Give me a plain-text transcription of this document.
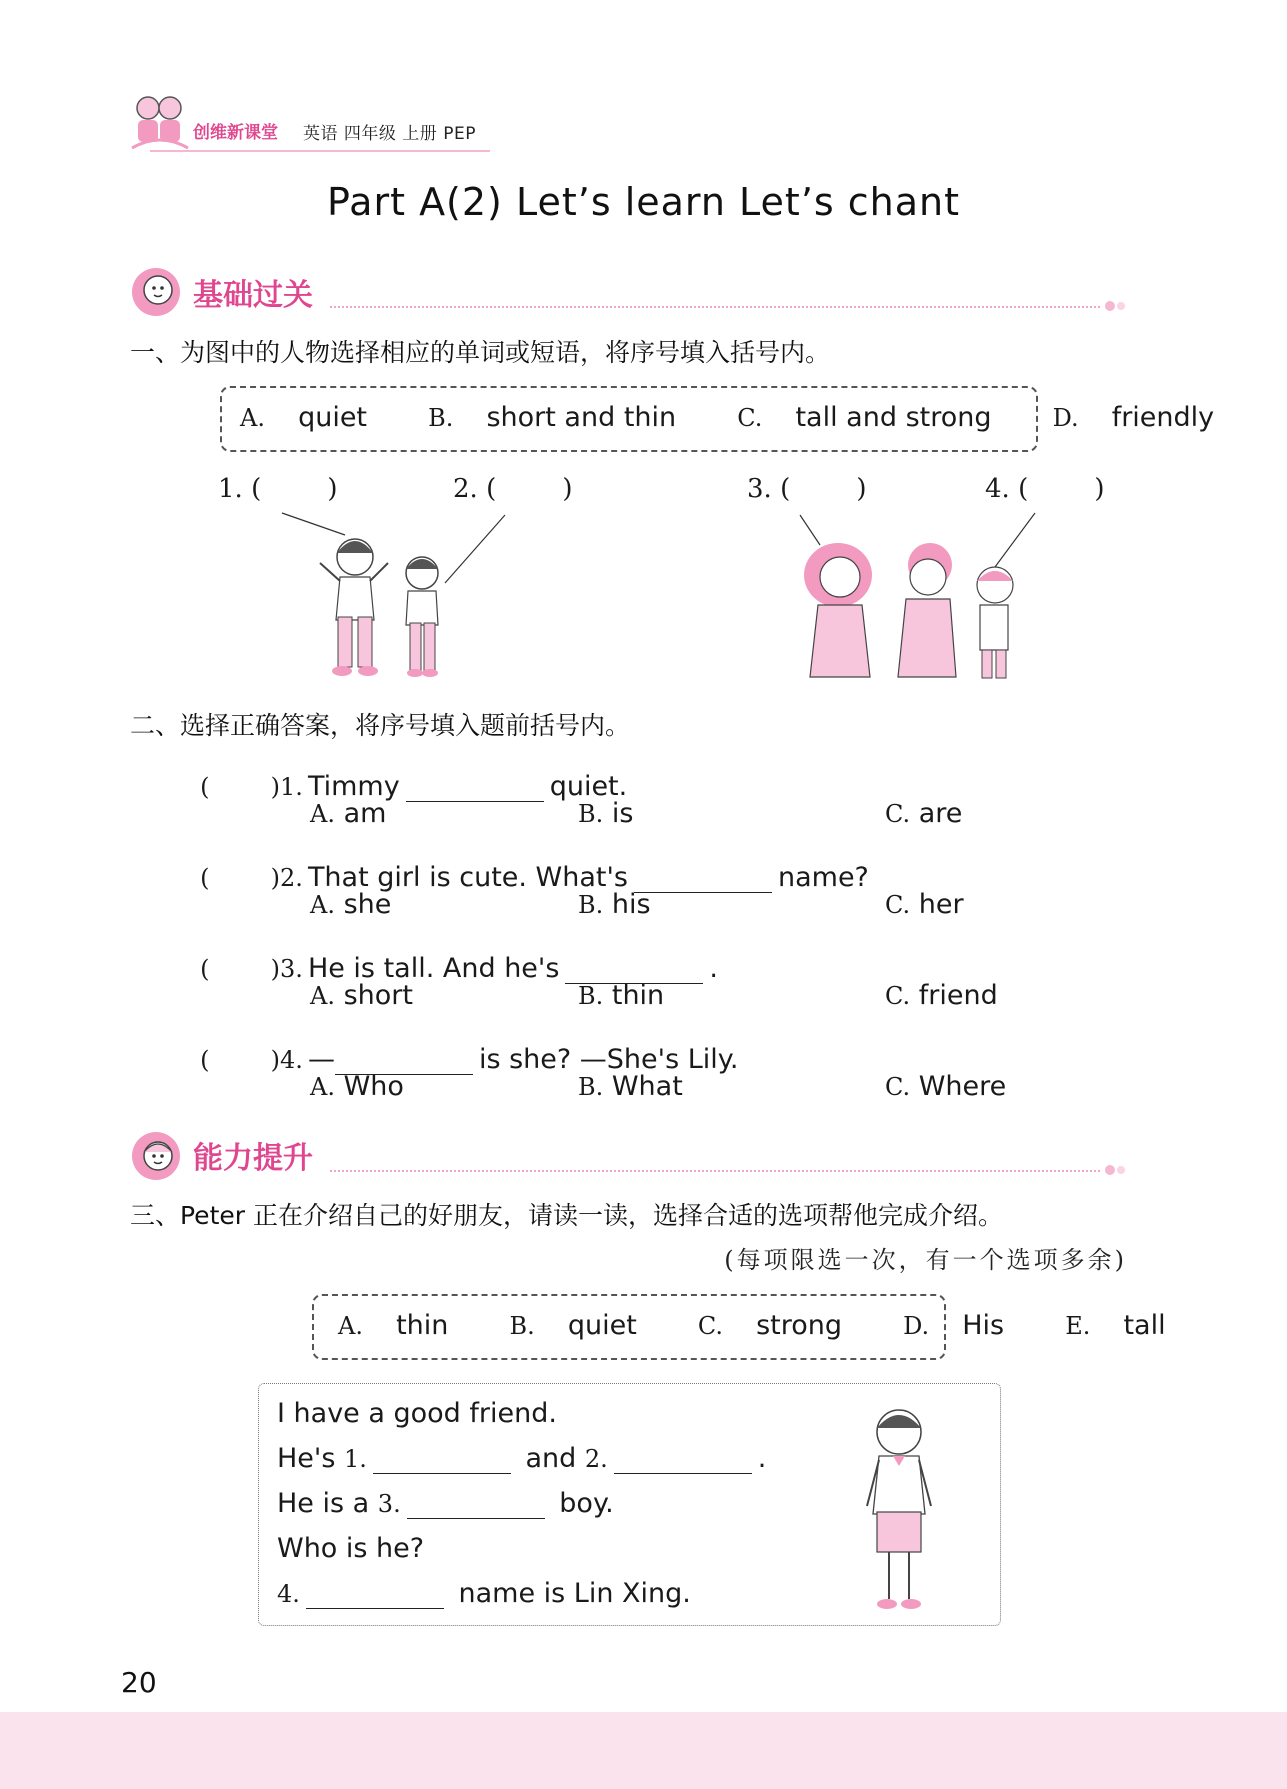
创维新课堂 英语 四年级 上册 PEP
Part A(2) Let’s learn Let’s chant
基础过关
一、为图中的人物选择相应的单词或短语，将序号填入括号内。
A. quiet	B. short and thin	C. tall and strong	D. friendly
1. (        )	2. (        )	3. (        )	4. (        )
二、选择正确答案，将序号填入题前括号内。

(        )1. Timmy	quiet.

A. am	B. is	C. are

(        )2. That girl is cute. What's	name?

A. she	B. his	C. her

(        )3. He is tall. And he's	.

A. short	B. thin	C. friend

(        )4. —	is she? —She's Lily.

A. Who	B. What	C. Where
能力提升
三、Peter 正在介绍自己的好朋友，请读一读，选择合适的选项帮他完成介绍。
(每项限选一次，有一个选项多余)
A. thin	B. quiet	C. strong	D. His	E. tall
I have a good friend.
He's 1.	and 2.	.
He is a 3.	boy.
Who is he?
4.	name is Lin Xing.
20
